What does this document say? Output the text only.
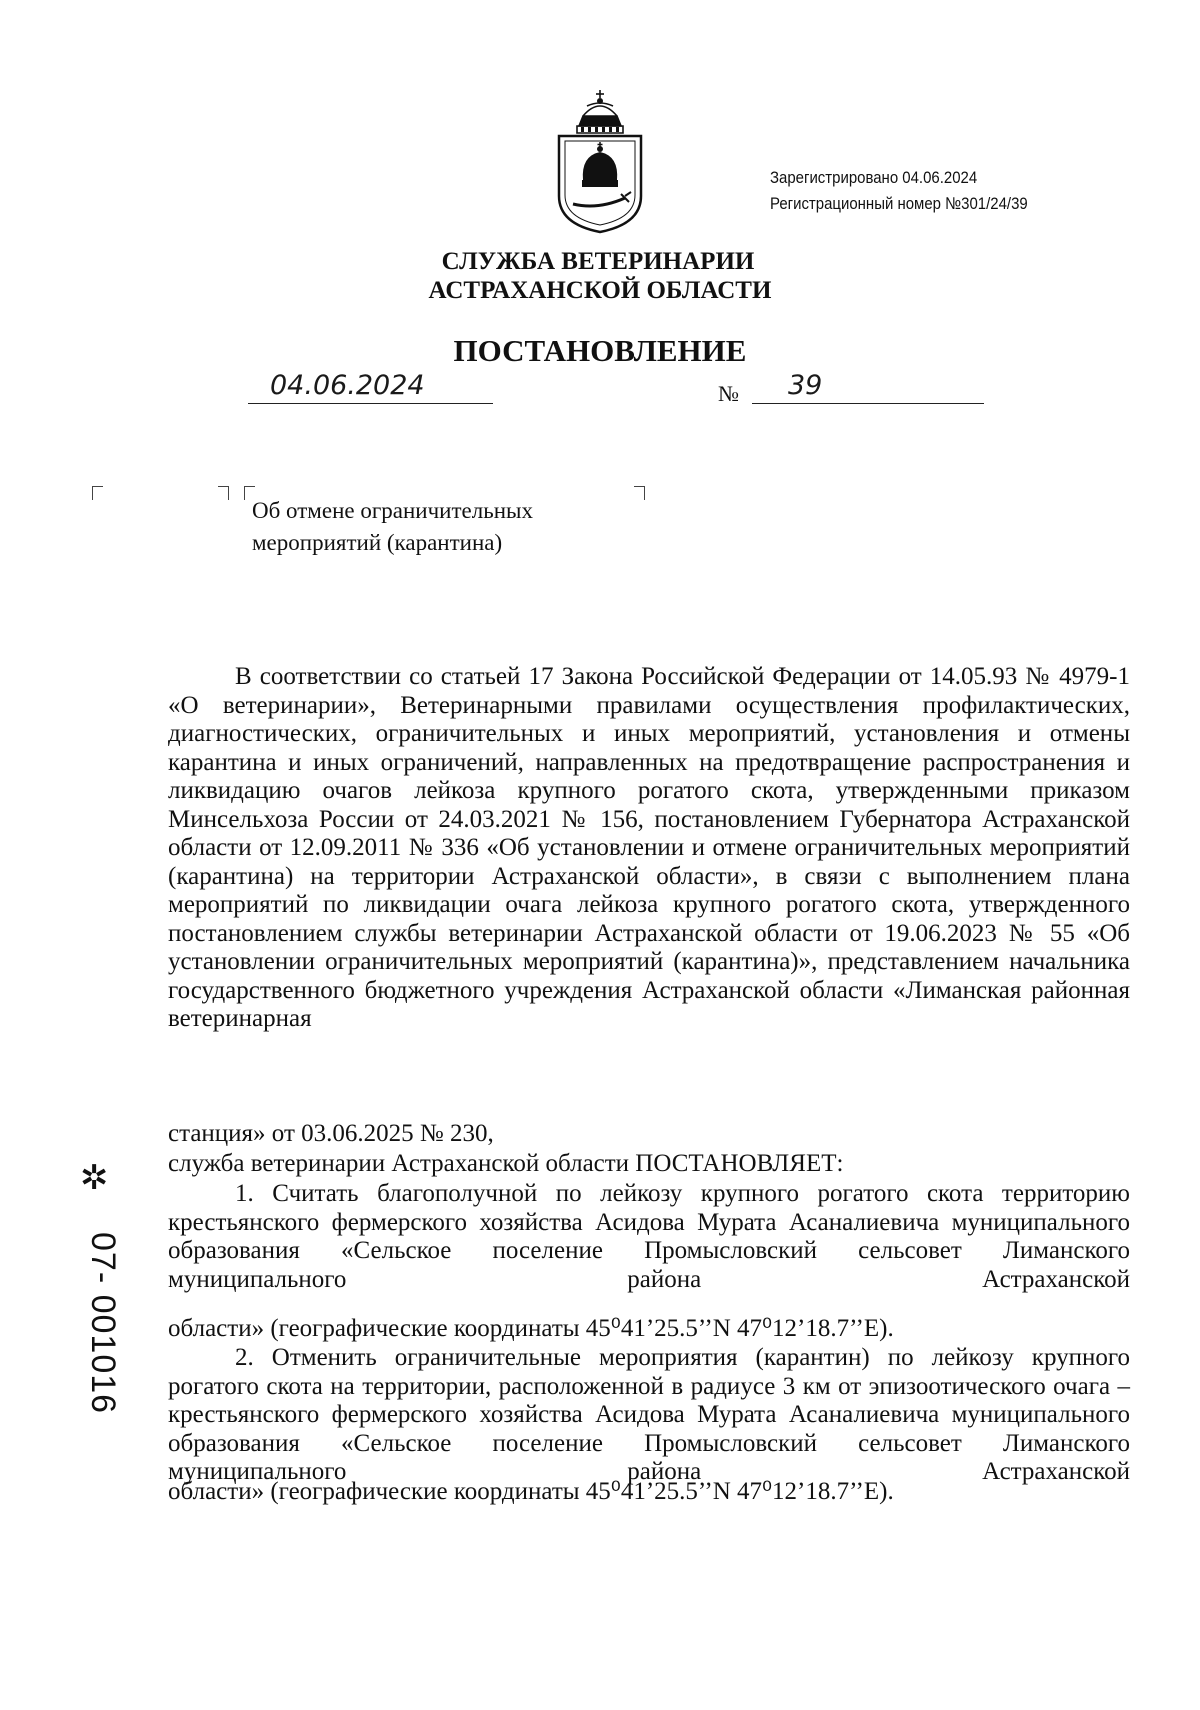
Зарегистрировано 04.06.2024
Регистрационный номер №301/24/39
СЛУЖБА ВЕТЕРИНАРИИ
АСТРАХАНСКОЙ ОБЛАСТИ
ПОСТАНОВЛЕНИЕ
04.06.2024	№ 39
Об отмене ограничительных
мероприятий (карантина)

В соответствии со статьей 17 Закона Российской Федерации от 14.05.93 № 4979-1 «О ветеринарии», Ветеринарными правилами осуществления профилактических, диагностических, ограничительных и иных мероприятий, установления и отмены карантина и иных ограничений, направленных на предотвращение распространения и ликвидацию очагов лейкоза крупного рогатого скота, утвержденными приказом Минсельхоза России от 24.03.2021 № 156, постановлением Губернатора Астраханской области от 12.09.2011 № 336 «Об установлении и отмене ограничительных мероприятий (карантина) на территории Астраханской области», в связи с выполнением плана мероприятий по ликвидации очага лейкоза крупного рогатого скота, утвержденного постановлением службы ветеринарии Астраханской области от 19.06.2023 № 55 «Об установлении ограничительных мероприятий (карантина)», представлением начальника государственного бюджетного учреждения Астраханской области «Лиманская районная ветеринарная

станция» от 03.06.2025 № 230,
служба ветеринарии Астраханской области ПОСТАНОВЛЯЕТ:

1. Считать благополучной по лейкозу крупного рогатого скота территорию крестьянского фермерского хозяйства Асидова Мурата Асаналиевича муниципального образования «Сельское поселение Промысловский сельсовет Лиманского муниципального района Астраханской

области» (географические координаты 45⁰41’25.5’’N 47⁰12’18.7’’E).

2. Отменить ограничительные мероприятия (карантин) по лейкозу крупного рогатого скота на территории, расположенной в радиусе 3 км от эпизоотического очага – крестьянского фермерского хозяйства Асидова Мурата Асаналиевича муниципального образования «Сельское поселение Промысловский сельсовет Лиманского муниципального района Астраханской

области» (географические координаты 45⁰41’25.5’’N 47⁰12’18.7’’E).
✲
07- 001016
